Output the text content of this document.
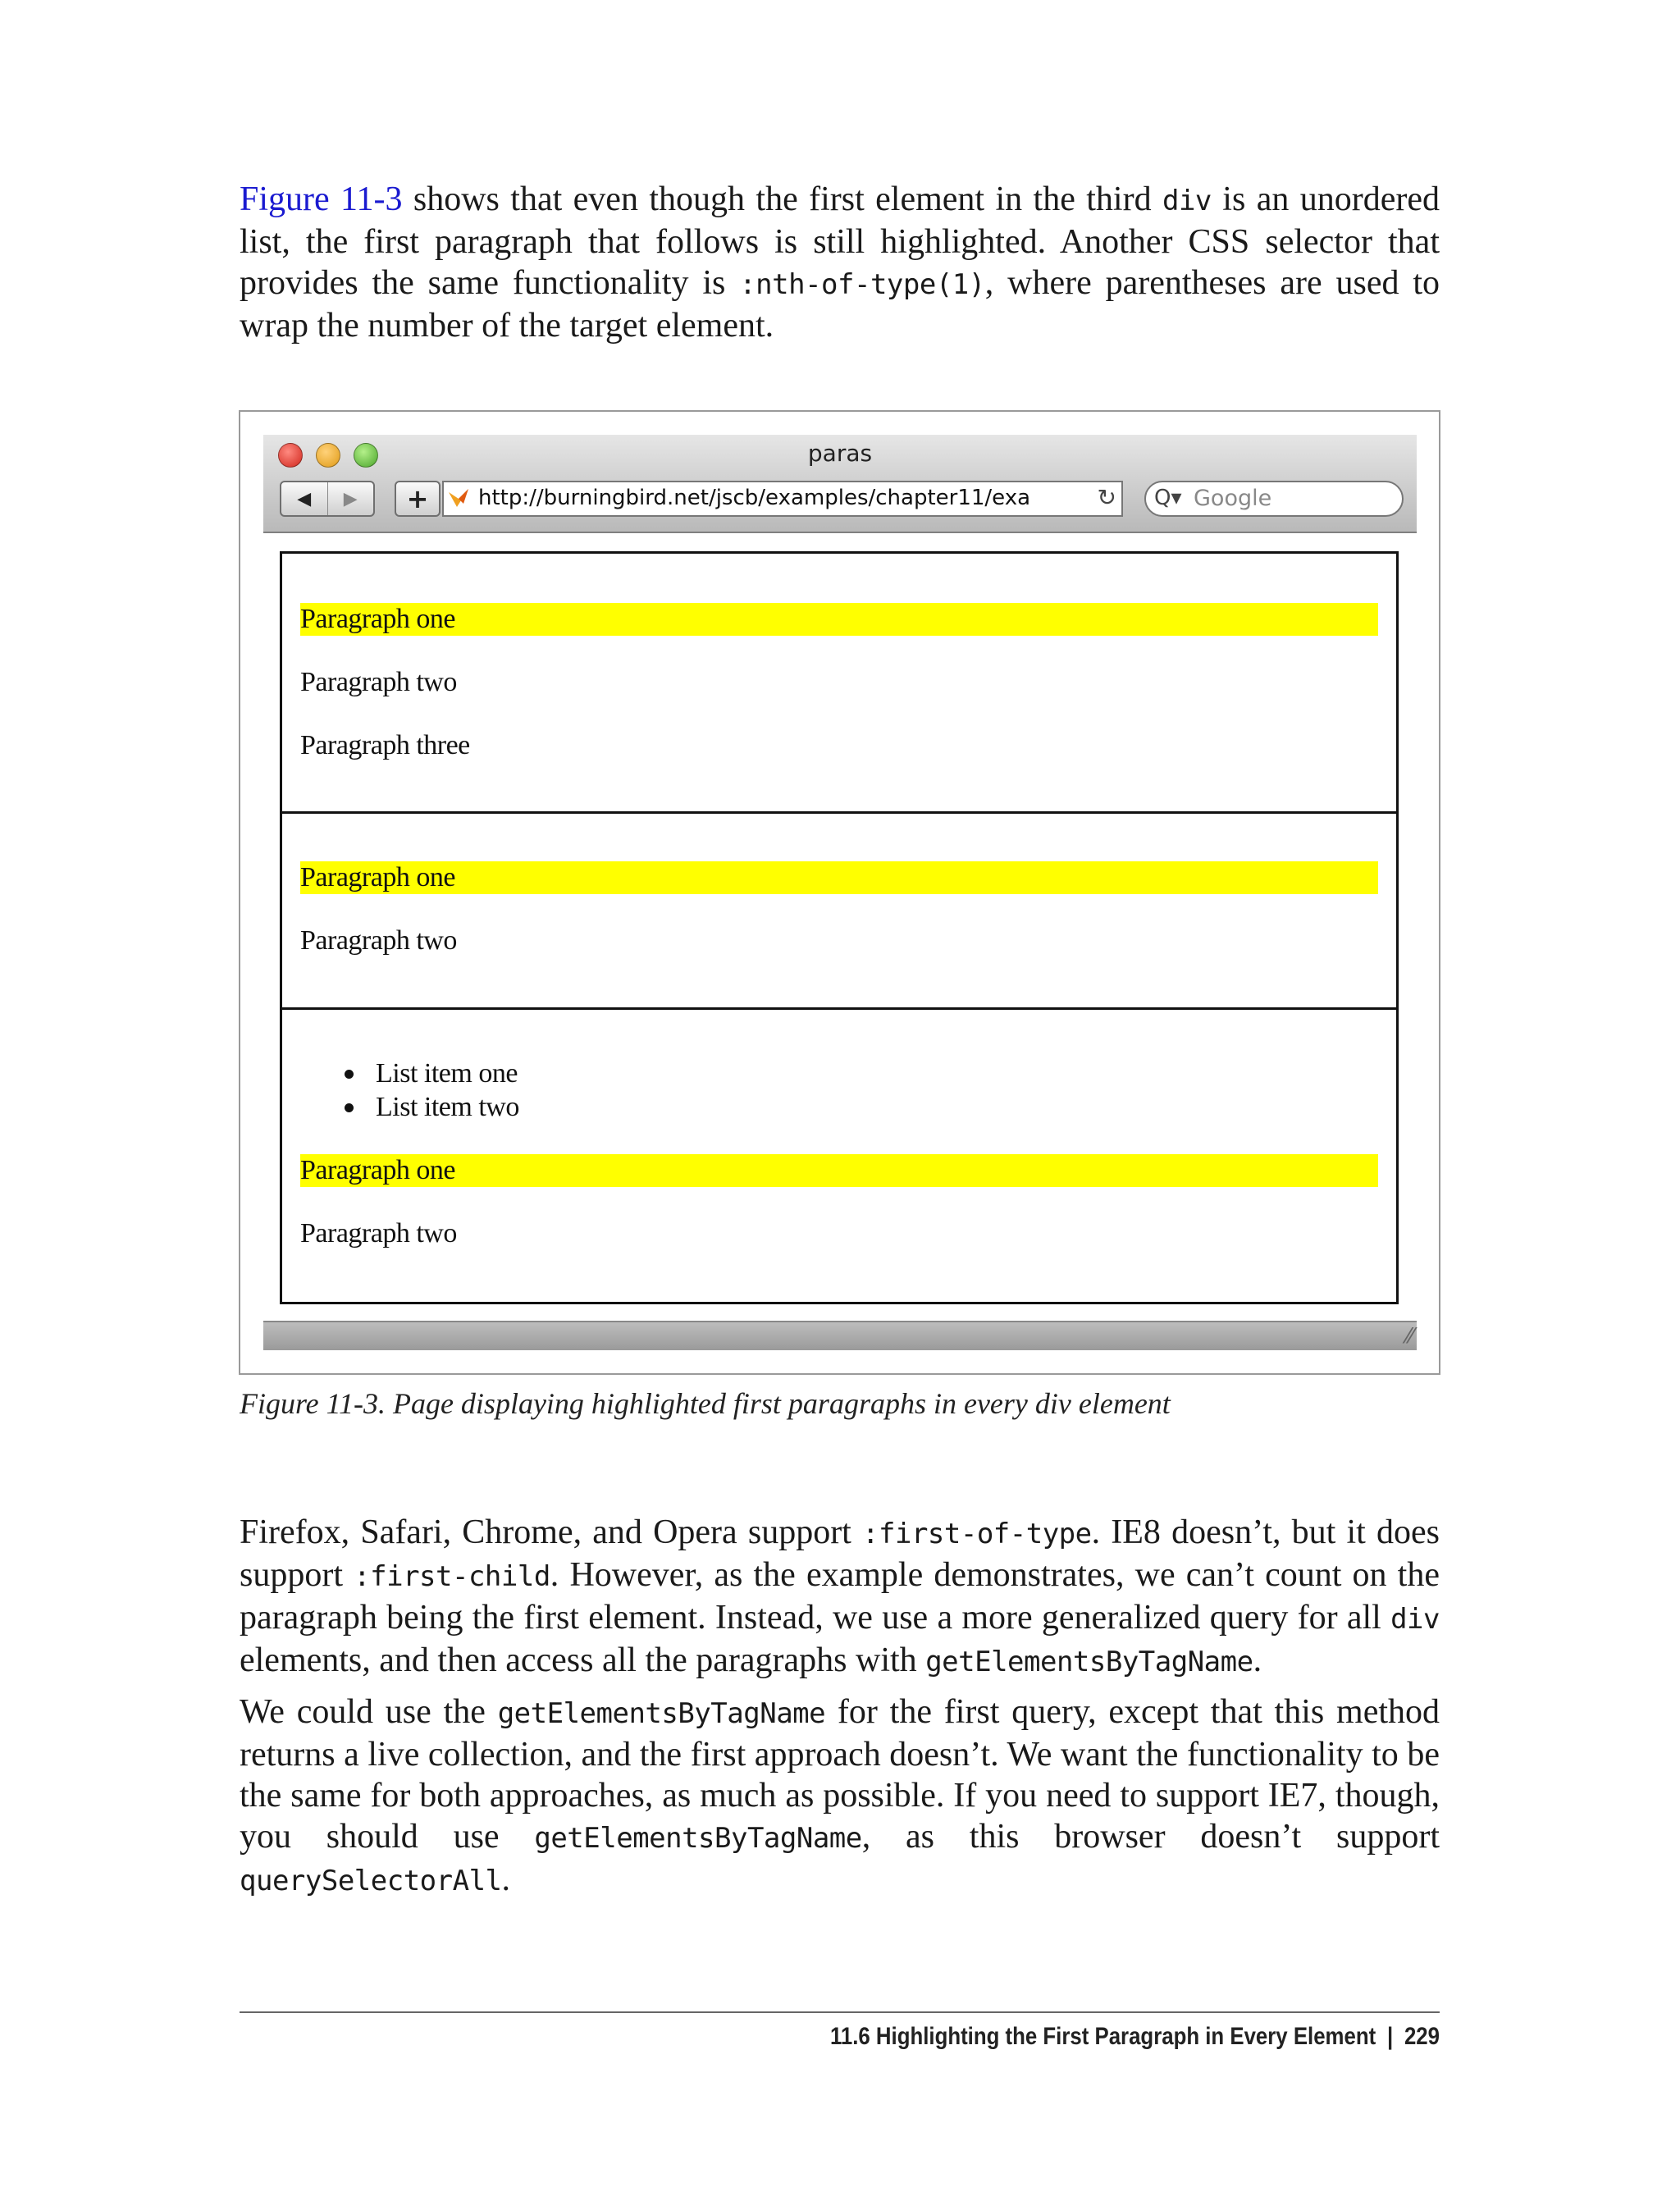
Figure 11-3 shows that even though the first element in the third div is an unordered list, the first paragraph that follows is still highlighted. Another CSS selector that provides the same functionality is :nth-of-type(1), where parentheses are used to wrap the number of the target element.

paras
◀	▶	+	http://burningbird.net/jscb/examples/chapter11/exa	↻ Q▾ Google
Paragraph one
Paragraph two
Paragraph three
Paragraph one
Paragraph two
List item one
List item two
Paragraph one
Paragraph two
⁄⁄
Figure 11-3. Page displaying highlighted first paragraphs in every div element

Firefox, Safari, Chrome, and Opera support :first-of-type. IE8 doesn’t, but it does support :first-child. However, as the example demonstrates, we can’t count on the paragraph being the first element. Instead, we use a more generalized query for all div elements, and then access all the paragraphs with getElementsByTagName.

We could use the getElementsByTagName for the first query, except that this method returns a live collection, and the first approach doesn’t. We want the functionality to be the same for both approaches, as much as possible. If you need to support IE7, though, you should use getElementsByTagName, as this browser doesn’t support querySelectorAll.

11.6 Highlighting the First Paragraph in Every Element | 229
